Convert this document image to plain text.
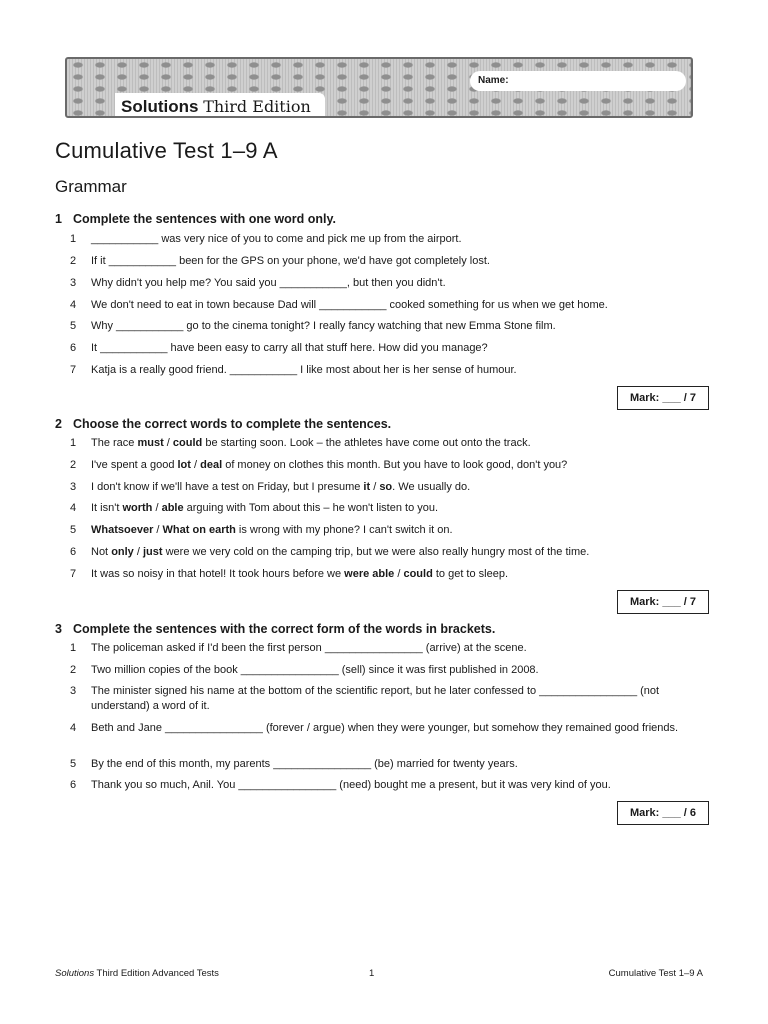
Name:
Solutions Third Edition
Cumulative Test 1–9 A
Grammar
1 Complete the sentences with one word only.
1	___________ was very nice of you to come and pick me up from the airport.
2	If it ___________ been for the GPS on your phone, we'd have got completely lost.
3	Why didn't you help me? You said you ___________, but then you didn't.
4	We don't need to eat in town because Dad will ___________ cooked something for us when we get home.
5	Why ___________ go to the cinema tonight? I really fancy watching that new Emma Stone film.
6	It ___________ have been easy to carry all that stuff here. How did you manage?
7	Katja is a really good friend. ___________ I like most about her is her sense of humour.
Mark: ___ / 7
2 Choose the correct words to complete the sentences.
1	The race must / could be starting soon. Look – the athletes have come out onto the track.
2	I've spent a good lot / deal of money on clothes this month. But you have to look good, don't you?
3	I don't know if we'll have a test on Friday, but I presume it / so. We usually do.
4	It isn't worth / able arguing with Tom about this – he won't listen to you.
5	Whatsoever / What on earth is wrong with my phone? I can't switch it on.
6	Not only / just were we very cold on the camping trip, but we were also really hungry most of the time.
7	It was so noisy in that hotel! It took hours before we were able / could to get to sleep.
Mark: ___ / 7
3 Complete the sentences with the correct form of the words in brackets.
1	The policeman asked if I'd been the first person ________________ (arrive) at the scene.
2	Two million copies of the book ________________ (sell) since it was first published in 2008.
3	The minister signed his name at the bottom of the scientific report, but he later confessed to ________________ (not understand) a word of it.
4	Beth and Jane ________________ (forever / argue) when they were younger, but somehow they remained good friends.
5	By the end of this month, my parents ________________ (be) married for twenty years.
6	Thank you so much, Anil. You ________________ (need) bought me a present, but it was very kind of you.
Mark: ___ / 6
Solutions Third Edition Advanced Tests	1	Cumulative Test 1–9 A
